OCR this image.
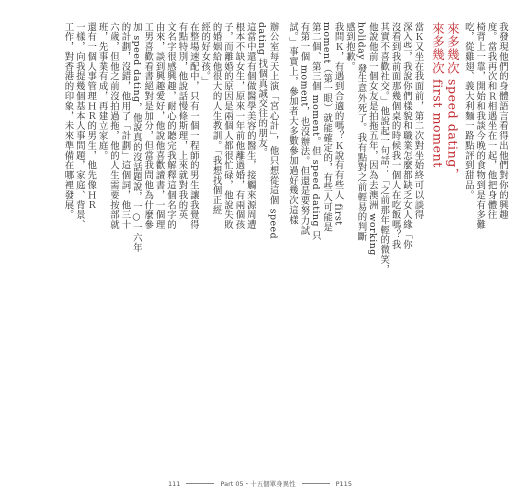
我發現他們的身體語言看得出他們對你的興趣
度。當我再次和Ｒ相遇坐在一起，他把身體往
椅背上一靠，開始和我談今晚的食物到是有多難
吃，從雞翅、義大利麵一路點評到甜品。
來多幾次 speed dating，
來多幾次 first moment
當Ｋ又坐在我面前，第二次對坐始終可以談得
深入些，我說你們樣貌和職業怎麼都缺乏女人緣「你
沒看到我前面那幾個桌的時候我一個人在吃飯嗎？我
其實不喜歡社交。」他說起一句話：「之前那年輕的微笑，
他說他前一個女友是拍拖五年，因為去澳洲 working
holiday 發生意外死了。我有點對之前輕易的判斷
感到抱歉。
我問Ｋ，有遇到合適的嗎？Ｋ說有有些人 first
moment（第一眼）就能確定的，有些人可能是
第二個、第三個 moment。但 speed dating 只
有第一個 moment，也沒辦法。但還是要努力試
試。」事實上，參加者大多數參加過好幾次這樣
辦公室每天上演「宮心計」，他只想從這個 speed
dating 找個真誠交往的朋友。
這當中還有個做醫學美容的醫生，接觸來源周遭
根本不缺女生，原來一年前他離過婚，有兩個孩
子，而離婚的原因是兩個人都很忙碌，他說失敗
的婚姻給他很大的人生教訓。「我想找個正經
經的好女孩。」
在整場速配中，只有一個一程師的男生讓我覺得
有點特別，他說話慢條斯理，上來就對我的英
文名字很感興趣，耐心的聽完我解釋這個名字的
由來，談到興趣愛好，他說他喜歡讀書，一個理
工男喜歡看書絕對是加分，但當我問他為什麼參
加 speed dating，他說真的沒話題說，一○一六年
的計劃，沒錯，他用了「計劃」這個詞，他三十
六歲，但他之前沒拍過拖，他的人生需要按部就
班，先事業有成，再建立家庭。
還有一個人事管理ＨＲ的男生，他先像ＨＲ
一樣，向我提幾個基本人事問題，家庭、背景、
工作，對香港的印象，未來準備在哪裡發展。
111	Part 05・十五個單身異性	P115
